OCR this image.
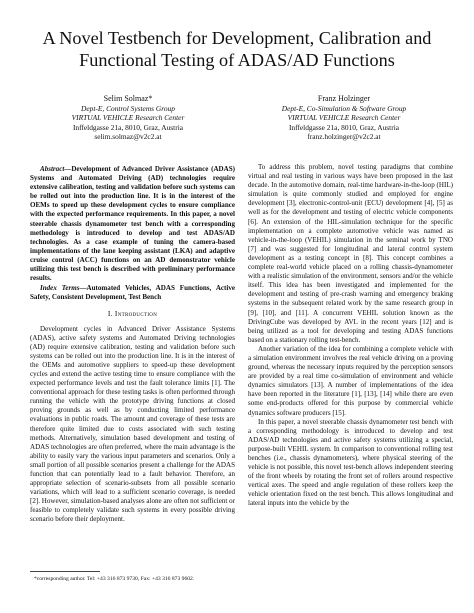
A Novel Testbench for Development, Calibration and Functional Testing of ADAS/AD Functions
Selim Solmaz*
Dept-E, Control Systems Group
VIRTUAL VEHICLE Research Center
Inffeldgasse 21a, 8010, Graz, Austria
selim.solmaz@v2c2.at
Franz Holzinger
Dept-E, Co-Simulation & Software Group
VIRTUAL VEHICLE Research Center
Inffeldgasse 21a, 8010, Graz, Austria
franz.holzinger@v2c2.at

Abstract—Development of Advanced Driver Assistance (ADAS) Systems and Automated Driving (AD) technologies require extensive calibration, testing and validation before such systems can be rolled out into the production line. It is in the interest of the OEMs to speed up these development cycles to ensure compliance with the expected performance requirements. In this paper, a novel steerable chassis dynamometer test bench with a corresponding methodology is introduced to develop and test ADAS/AD technologies. As a case example of tuning the camera-based implementations of the lane keeping assistant (LKA) and adaptive cruise control (ACC) functions on an AD demonstrator vehicle utilizing this test bench is described with preliminary performance results.

Index Terms—Automated Vehicles, ADAS Functions, Active Safety, Consistent Development, Test Bench

I. Introduction

Development cycles in Advanced Driver Assistance Systems (ADAS), active safety systems and Automated Driving technologies (AD) require extensive calibration, testing and validation before such systems can be rolled out into the production line. It is in the interest of the OEMs and automotive suppliers to speed-up these development cycles and extend the active testing time to ensure compliance with the expected performance levels and test the fault tolerance limits [1]. The conventional approach for these testing tasks is often performed through running the vehicle with the prototype driving functions at closed proving grounds as well as by conducting limited performance evaluations in public roads. The amount and coverage of these tests are therefore quite limited due to costs associated with such testing methods. Alternatively, simulation based development and testing of ADAS technologies are often preferred, where the main advantage is the ability to easily vary the various input parameters and scenarios. Only a small portion of all possible scenarios present a challenge for the ADAS function that can potentially lead to a fault behavior. Therefore, an appropriate selection of scenario-subsets from all possible scenario variations, which will lead to a sufficient scenario coverage, is needed [2]. However, simulation-based analyses alone are often not sufficient or feasible to completely validate such systems in every possible driving scenario before their deployment.

To address this problem, novel testing paradigms that combine virtual and real testing in various ways have been proposed in the last decade. In the automotive domain, real-time hardware-in-the-loop (HIL) simulation is quite commonly studied and employed for engine development [3], electronic-control-unit (ECU) development [4], [5] as well as for the development and testing of electric vehicle components [6]. An extension of the HIL-simulation technique for the specific implementation on a complete automotive vehicle was named as vehicle-in-the-loop (VEHIL) simulation in the seminal work by TNO [7] and was suggested for longitudinal and lateral control system development as a testing concept in [8]. This concept combines a complete real-world vehicle placed on a rolling chassis-dynamometer with a realistic simulation of the environment, sensors and/or the vehicle itself. This idea has been investigated and implemented for the development and testing of pre-crash warning and emergency braking systems in the subsequent related work by the same research group in [9], [10], and [11]. A concurrent VEHIL solution known as the DrivingCube was developed by AVL in the recent years [12] and is being utilized as a tool for developing and testing ADAS functions based on a stationary rolling test-bench.

Another variation of the idea for combining a complete vehicle with a simulation environment involves the real vehicle driving on a proving ground, whereas the necessary inputs required by the perception sensors are provided by a real time co-simulation of environment and vehicle dynamics simulators [13]. A number of implementations of the idea have been reported in the literature [1], [13], [14] while there are even some end-products offered for this purpose by commercial vehicle dynamics software producers [15].

In this paper, a novel steerable chassis dynamometer test bench with a corresponding methodology is introduced to develop and test ADAS/AD technologies and active safety systems utilizing a special, purpose-built VEHIL system. In comparison to conventional rolling test benches (i.e., chassis dynamometers), where physical steering of the vehicle is not possible, this novel test-bench allows independent steering of the front wheels by rotating the front set of rollers around respective vertical axes. The speed and angle regulation of these rollers keep the vehicle orientation fixed on the test bench. This allows longitudinal and lateral inputs into the vehicle by the

*corresponding author. Tel: +43 316 873 9730, Fax: +43 316 873 9602.
